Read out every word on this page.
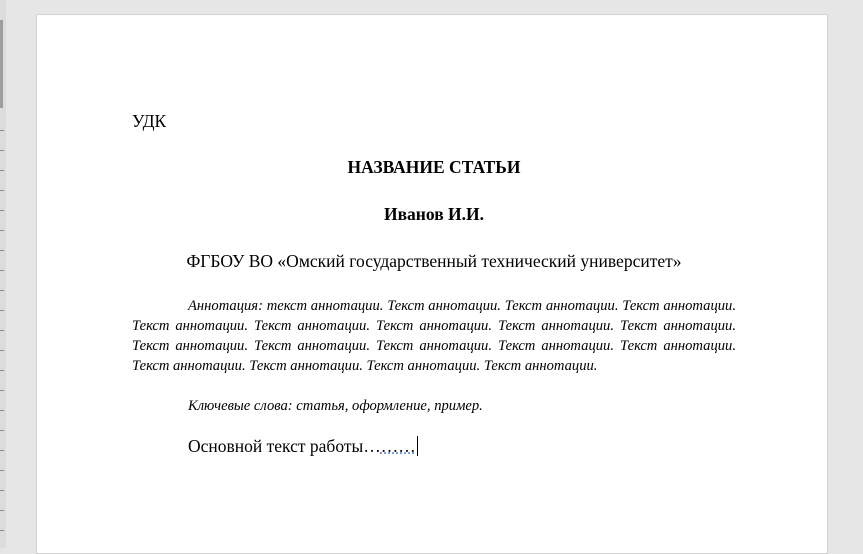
УДК
НАЗВАНИЕ СТАТЬИ
Иванов И.И.
ФГБОУ ВО «Омский государственный технический университет»
Аннотация: текст аннотации. Текст аннотации. Текст аннотации. Текст аннотации. Текст аннотации. Текст аннотации. Текст аннотации. Текст аннотации. Текст аннотации. Текст аннотации. Текст аннотации. Текст аннотации. Текст аннотации. Текст аннотации. Текст аннотации. Текст аннотации. Текст аннотации. Текст аннотации.
Ключевые слова: статья, оформление, пример.
Основной текст работы………
